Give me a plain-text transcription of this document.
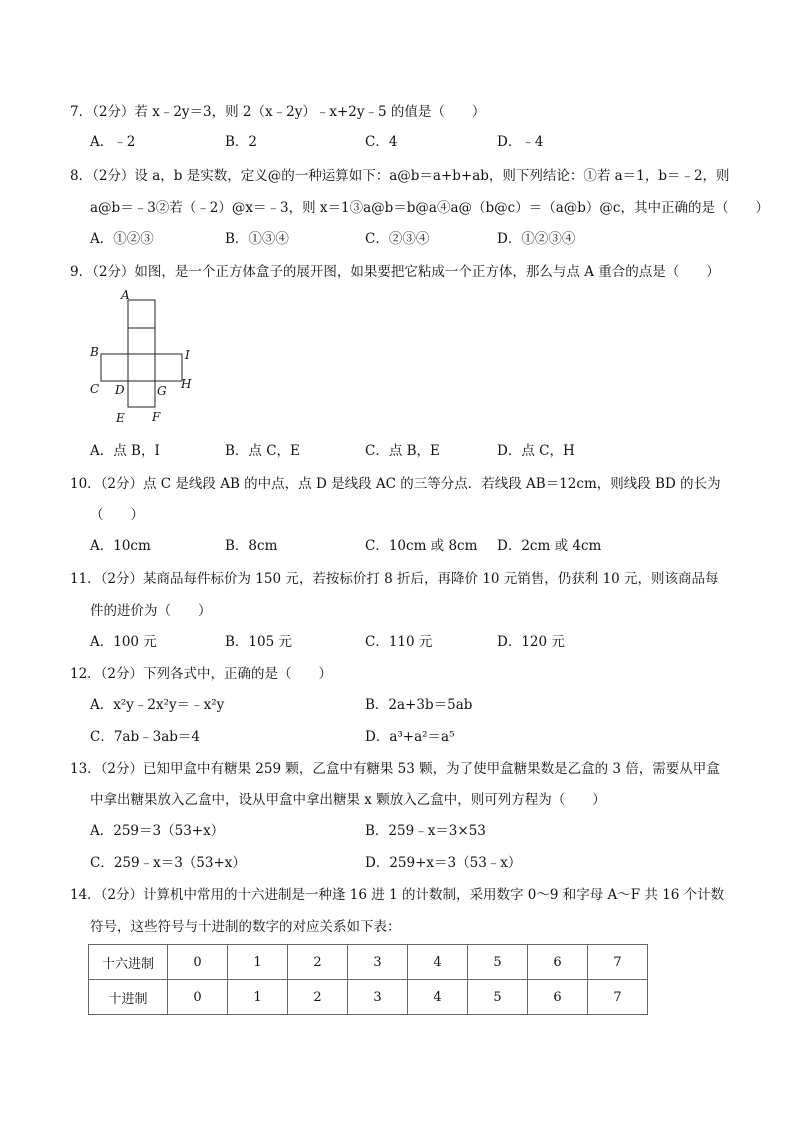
7．（2分）若 x﹣2y＝3，则 2（x﹣2y）﹣x+2y﹣5 的值是（　　）
A．﹣2	B．2	C．4	D．﹣4
8．（2分）设 a，b 是实数，定义@的一种运算如下：a@b＝a+b+ab，则下列结论：①若 a＝1，b＝﹣2，则
a@b＝﹣3②若（﹣2）@x＝﹣3，则 x＝1③a@b＝b@a④a@（b@c）＝（a@b）@c，其中正确的是（　　）
A．①②③	B．①③④	C．②③④	D．①②③④
9．（2分）如图，是一个正方体盒子的展开图，如果要把它粘成一个正方体，那么与点 A 重合的点是（　　）
A
B	I
C D	G H
E F
A．点 B，I	B．点 C，E	C．点 B，E	D．点 C，H
10．（2分）点 C 是线段 AB 的中点，点 D 是线段 AC 的三等分点．若线段 AB＝12cm，则线段 BD 的长为
（　　）
A．10cm	B．8cm	C．10cm 或 8cm D．2cm 或 4cm
11．（2分）某商品每件标价为 150 元，若按标价打 8 折后，再降价 10 元销售，仍获利 10 元，则该商品每
件的进价为（　　）
A．100 元	B．105 元	C．110 元	D．120 元
12．（2分）下列各式中，正确的是（　　）
A．x²y﹣2x²y＝﹣x²y	B．2a+3b＝5ab
C．7ab﹣3ab＝4	D．a³+a²＝a⁵
13．（2分）已知甲盒中有糖果 259 颗，乙盒中有糖果 53 颗，为了使甲盒糖果数是乙盒的 3 倍，需要从甲盒
中拿出糖果放入乙盒中，设从甲盒中拿出糖果 x 颗放入乙盒中，则可列方程为（　　）
A．259＝3（53+x）	B．259﹣x＝3×53
C．259﹣x＝3（53+x）	D．259+x＝3（53﹣x）
14．（2分）计算机中常用的十六进制是一种逢 16 进 1 的计数制，采用数字 0～9 和字母 A～F 共 16 个计数
符号，这些符号与十进制的数字的对应关系如下表：
十六进制	0	1	2	3	4	5	6	7
十进制	0	1	2	3	4	5	6	7
